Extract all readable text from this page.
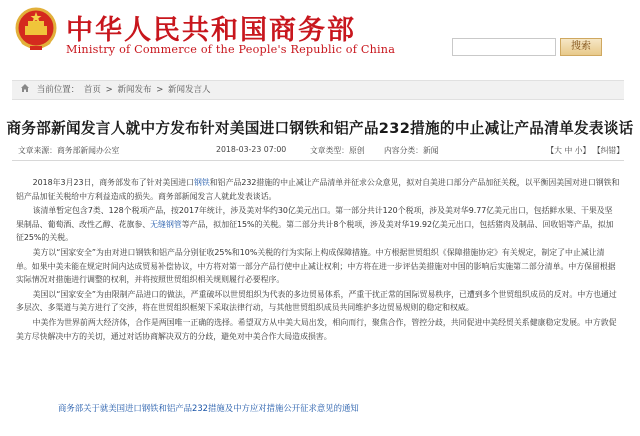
中华人民共和国商务部
Ministry of Commerce of the People's Republic of China	搜索
当前位置： 首页 > 新闻发布 > 新闻发言人
商务部新闻发言人就中方发布针对美国进口钢铁和铝产品232措施的中止减让产品清单发表谈话
文章来源：商务部新闻办公室	2018-03-23 07:00	文章类型：原创 内容分类：新闻	【大 中 小】 【纠错】

2018年3月23日，商务部发布了针对美国进口钢铁和铝产品232措施的中止减让产品清单并征求公众意见，拟对自美进口部分产品加征关税，以平衡因美国对进口钢铁和铝产品加征关税给中方利益造成的损失。商务部新闻发言人就此发表谈话。

该清单暂定包含7类、128个税项产品，按2017年统计，涉及美对华约30亿美元出口。第一部分共计120个税项，涉及美对华9.77亿美元出口，包括鲜水果、干果及坚果制品、葡萄酒、改性乙醇、花旗参、无缝钢管等产品，拟加征15%的关税。第二部分共计8个税项，涉及美对华19.92亿美元出口，包括猪肉及制品、回收铝等产品，拟加征25%的关税。

美方以“国家安全”为由对进口钢铁和铝产品分别征收25%和10%关税的行为实际上构成保障措施。中方根据世贸组织《保障措施协定》有关规定，制定了中止减让清单。如果中美未能在规定时间内达成贸易补偿协议，中方将对第一部分产品行使中止减让权利；中方将在进一步评估美措施对中国的影响后实施第二部分清单。中方保留根据实际情况对措施进行调整的权利，并将按照世贸组织相关规则履行必要程序。

美国以“国家安全”为由限制产品进口的做法，严重破坏以世贸组织为代表的多边贸易体系，严重干扰正常的国际贸易秩序，已遭到多个世贸组织成员的反对。中方也通过多层次、多渠道与美方进行了交涉，将在世贸组织框架下采取法律行动，与其他世贸组织成员共同维护多边贸易规则的稳定和权威。

中美作为世界前两大经济体，合作是两国唯一正确的选择。希望双方从中美大局出发，相向而行，聚焦合作，管控分歧，共同促进中美经贸关系健康稳定发展。中方敦促美方尽快解决中方的关切，通过对话协商解决双方的分歧，避免对中美合作大局造成损害。

商务部关于就美国进口钢铁和铝产品232措施及中方应对措施公开征求意见的通知
